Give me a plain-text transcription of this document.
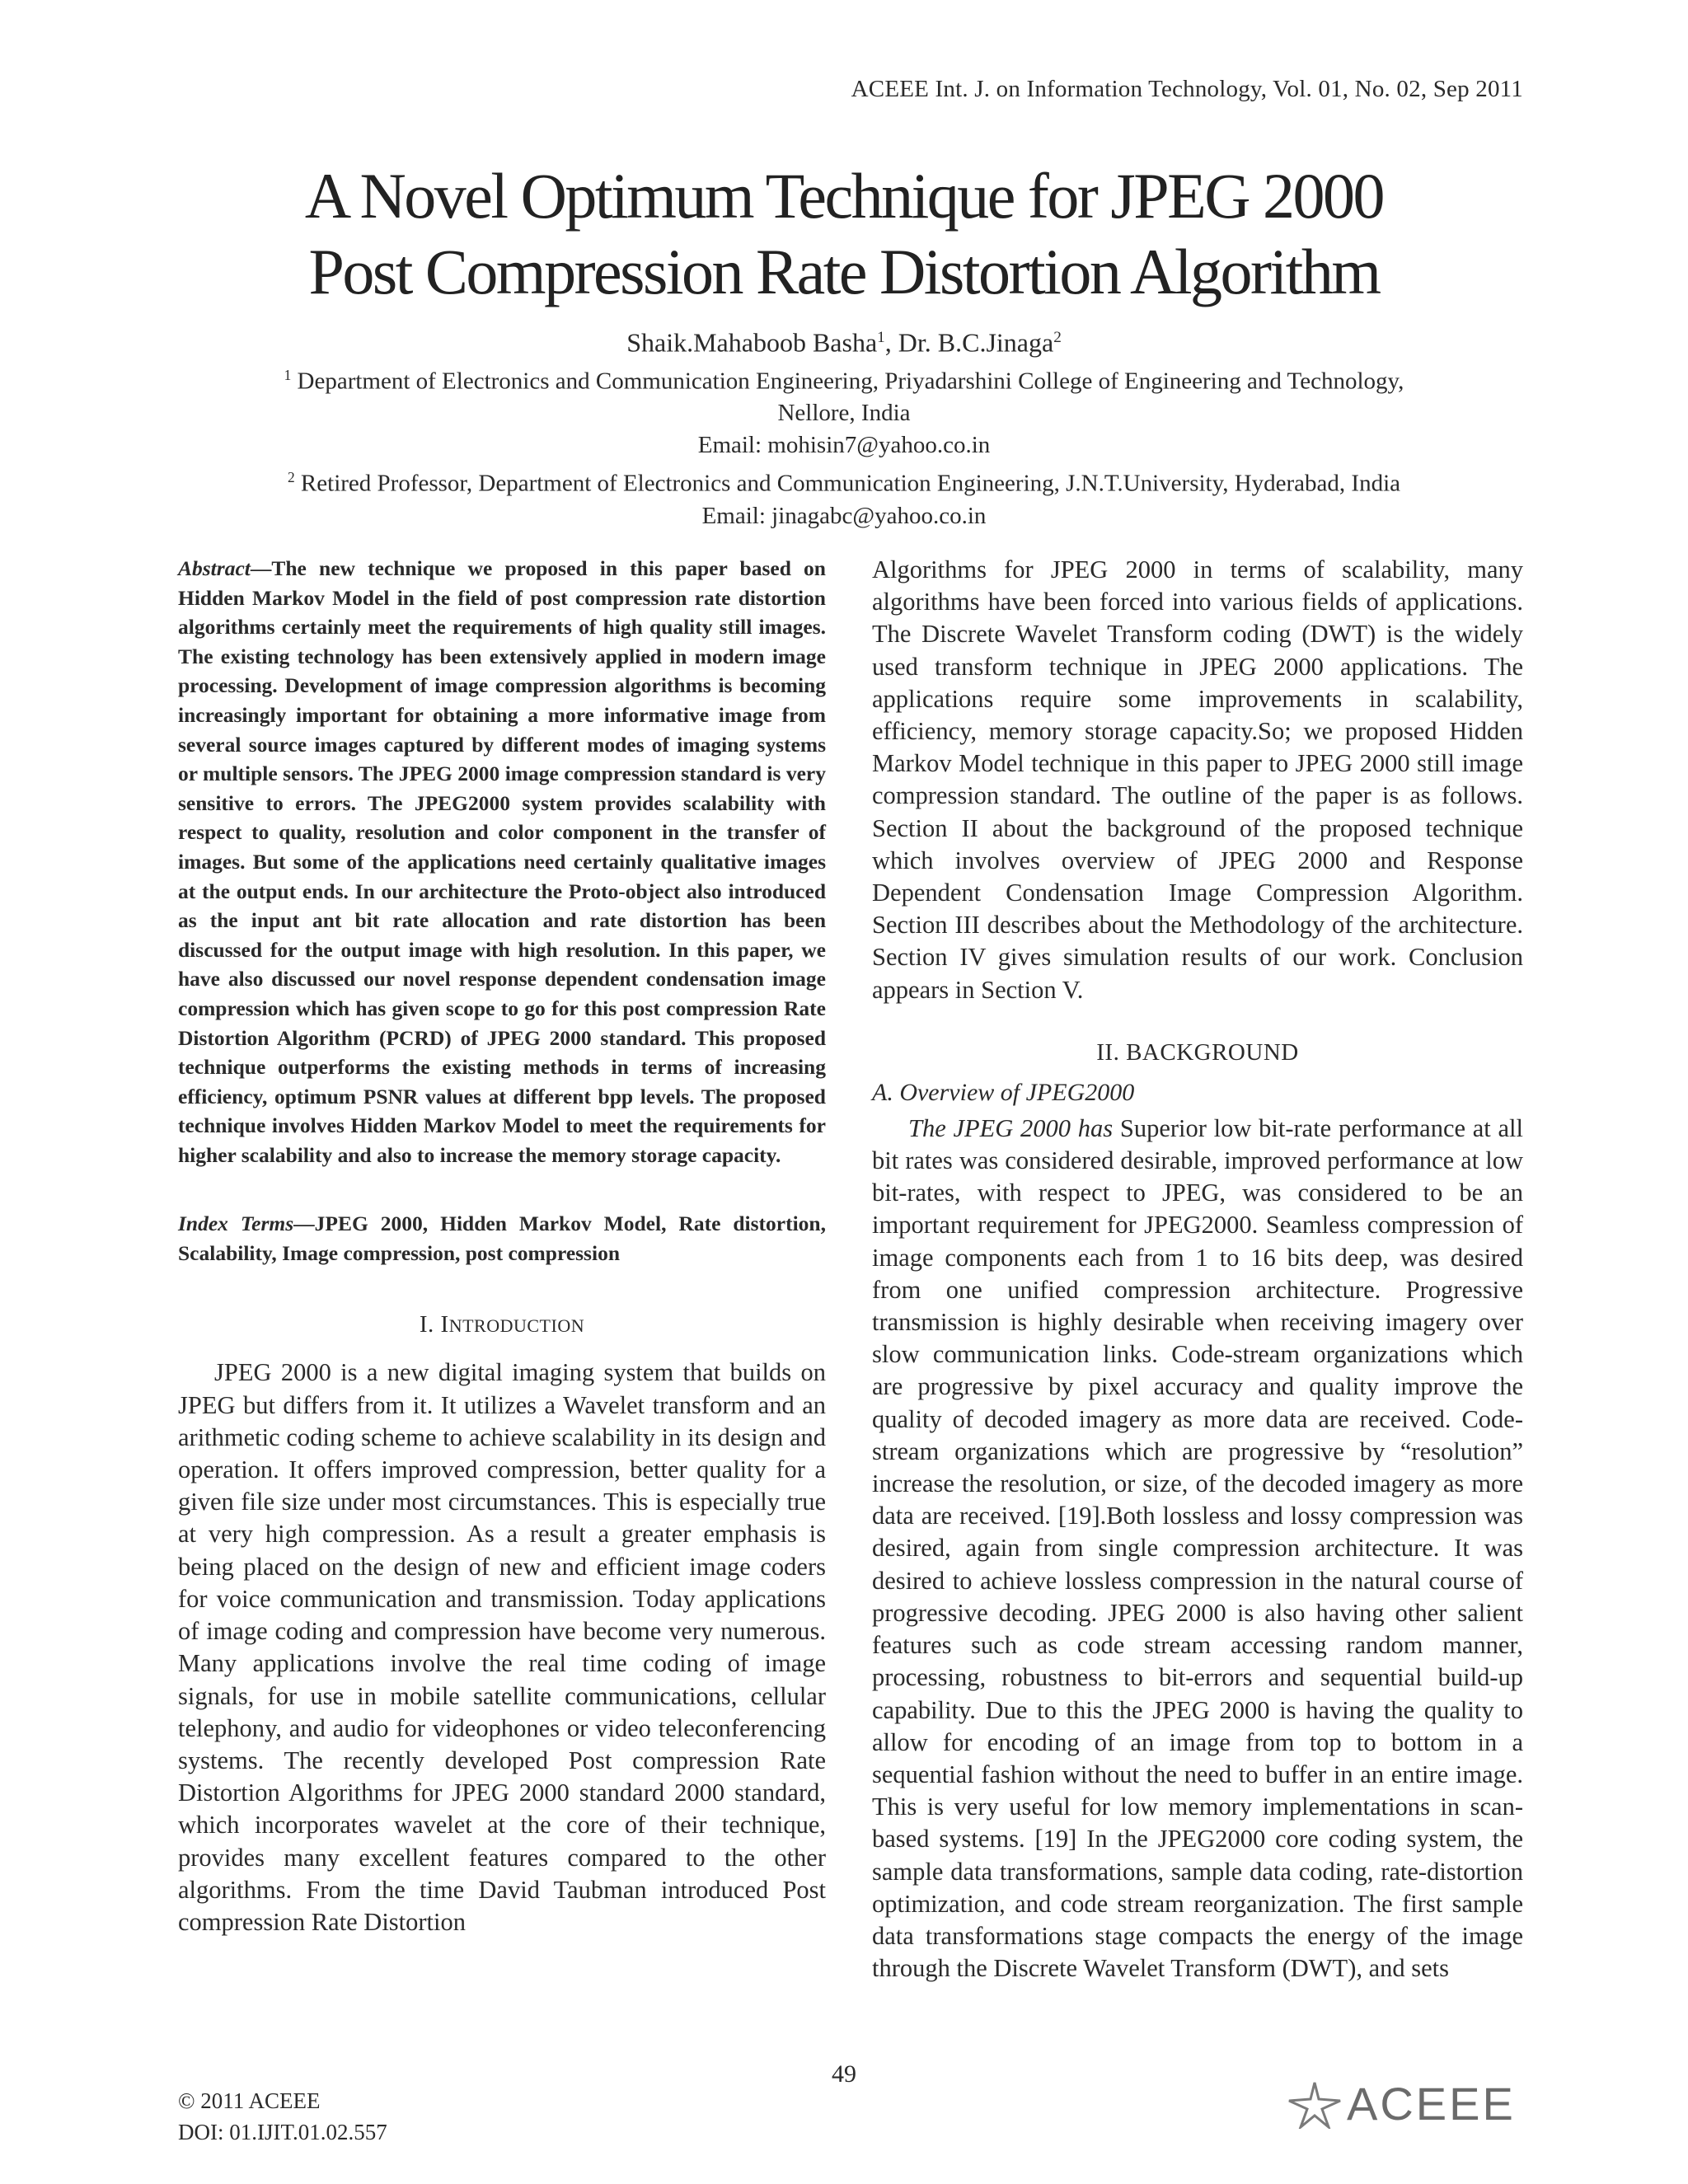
ACEEE Int. J. on Information Technology, Vol. 01, No. 02, Sep 2011
A Novel Optimum Technique for JPEG 2000
Post Compression Rate Distortion Algorithm
Shaik.Mahaboob Basha$^1$, Dr. B.C.Jinaga$^2$
$^1$ Department of Electronics and Communication Engineering, Priyadarshini College of Engineering and Technology,
Nellore, India
Email: mohisin7@yahoo.co.in
$^2$ Retired Professor, Department of Electronics and Communication Engineering, J.N.T.University, Hyderabad, India
Email: jinagabc@yahoo.co.in

Abstract—The new technique we proposed in this paper based on Hidden Markov Model in the field of post compression rate distortion algorithms certainly meet the requirements of high quality still images. The existing technology has been extensively applied in modern image processing. Development of image compression algorithms is becoming increasingly important for obtaining a more informative image from several source images captured by different modes of imaging systems or multiple sensors. The JPEG 2000 image compression standard is very sensitive to errors. The JPEG2000 system provides scalability with respect to quality, resolution and color component in the transfer of images. But some of the applications need certainly qualitative images at the output ends. In our architecture the Proto-object also introduced as the input ant bit rate allocation and rate distortion has been discussed for the output image with high resolution. In this paper, we have also discussed our novel response dependent condensation image compression which has given scope to go for this post compression Rate Distortion Algorithm (PCRD) of JPEG 2000 standard. This proposed technique outperforms the existing methods in terms of increasing efficiency, optimum PSNR values at different bpp levels. The proposed technique involves Hidden Markov Model to meet the requirements for higher scalability and also to increase the memory storage capacity.

Index Terms—JPEG 2000, Hidden Markov Model, Rate distortion, Scalability, Image compression, post compression

I. INTRODUCTION

JPEG 2000 is a new digital imaging system that builds on JPEG but differs from it. It utilizes a Wavelet transform and an arithmetic coding scheme to achieve scalability in its design and operation. It offers improved compression, better quality for a given file size under most circumstances. This is especially true at very high compression. As a result a greater emphasis is being placed on the design of new and efficient image coders for voice communication and transmission. Today applications of image coding and compression have become very numerous. Many applications involve the real time coding of image signals, for use in mobile satellite communications, cellular telephony, and audio for videophones or video teleconferencing systems. The recently developed Post compression Rate Distortion Algorithms for JPEG 2000 standard 2000 standard, which incorporates wavelet at the core of their technique, provides many excellent features compared to the other algorithms. From the time David Taubman introduced Post compression Rate Distortion

Algorithms for JPEG 2000 in terms of scalability, many algorithms have been forced into various fields of applications. The Discrete Wavelet Transform coding (DWT) is the widely used transform technique in JPEG 2000 applications. The applications require some improvements in scalability, efficiency, memory storage capacity.So; we proposed Hidden Markov Model technique in this paper to JPEG 2000 still image compression standard. The outline of the paper is as follows. Section II about the background of the proposed technique which involves overview of JPEG 2000 and Response Dependent Condensation Image Compression Algorithm. Section III describes about the Methodology of the architecture. Section IV gives simulation results of our work. Conclusion appears in Section V.

II. BACKGROUND

A. Overview of JPEG2000

The JPEG 2000 has Superior low bit-rate performance at all bit rates was considered desirable, improved performance at low bit-rates, with respect to JPEG, was considered to be an important requirement for JPEG2000. Seamless compression of image components each from 1 to 16 bits deep, was desired from one unified compression architecture. Progressive transmission is highly desirable when receiving imagery over slow communication links. Code-stream organizations which are progressive by pixel accuracy and quality improve the quality of decoded imagery as more data are received. Code-stream organizations which are progressive by “resolution” increase the resolution, or size, of the decoded imagery as more data are received. [19].Both lossless and lossy compression was desired, again from single compression architecture. It was desired to achieve lossless compression in the natural course of progressive decoding. JPEG 2000 is also having other salient features such as code stream accessing random manner, processing, robustness to bit-errors and sequential build-up capability. Due to this the JPEG 2000 is having the quality to allow for encoding of an image from top to bottom in a sequential fashion without the need to buffer in an entire image. This is very useful for low memory implementations in scan-based systems. [19] In the JPEG2000 core coding system, the sample data transformations, sample data coding, rate-distortion optimization, and code stream reorganization. The first sample data transformations stage compacts the energy of the image through the Discrete Wavelet Transform (DWT), and sets

49
© 2011 ACEEE
DOI: 01.IJIT.01.02.557
ACEEE
